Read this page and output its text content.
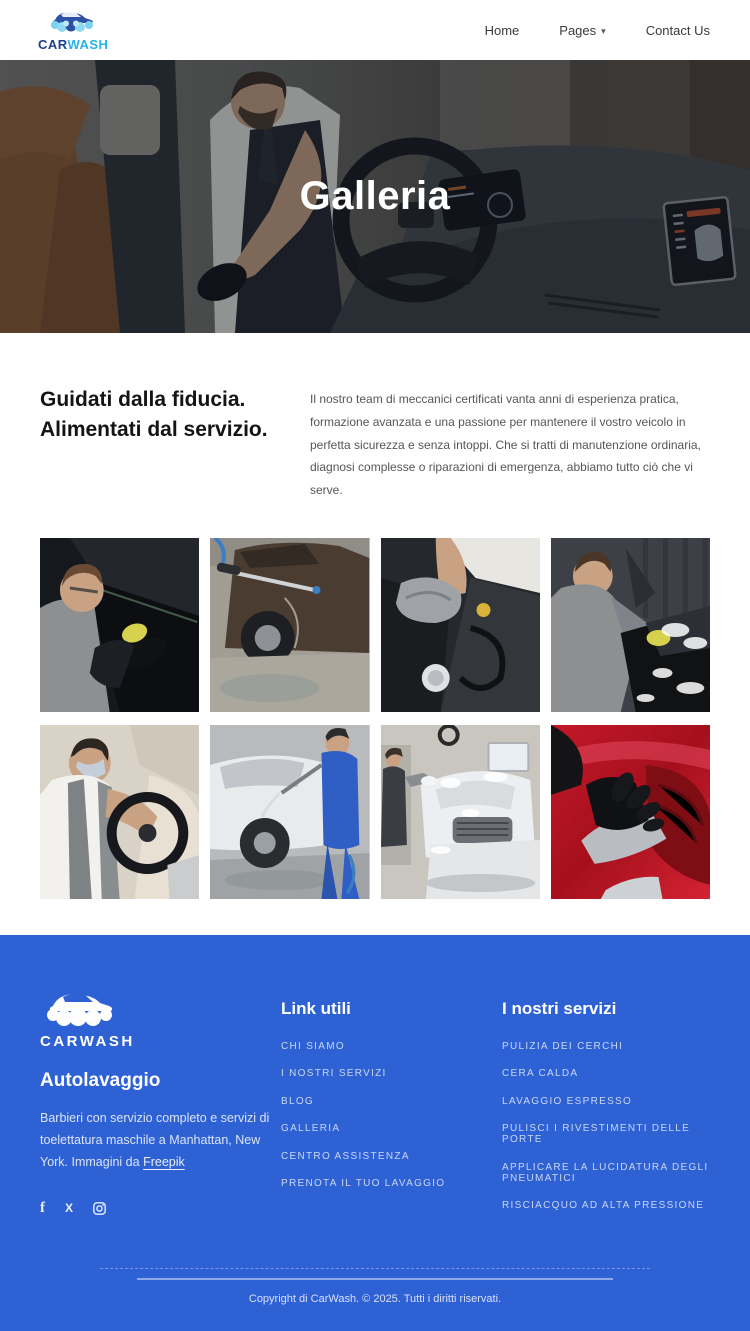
CARWASH
Home	Pages ▾	Contact Us
Galleria
Guidati dalla fiducia. Alimentati dal servizio.

Il nostro team di meccanici certificati vanta anni di esperienza pratica, formazione avanzata e una passione per mantenere il vostro veicolo in perfetta sicurezza e senza intoppi. Che si tratti di manutenzione ordinaria, diagnosi complesse o riparazioni di emergenza, abbiamo tutto ciò che vi serve.

CARWASH
Autolavaggio

Barbieri con servizio completo e servizi di toelettatura maschile a Manhattan, New York. Immagini da Freepik

f X
Link utili
CHI SIAMO
I NOSTRI SERVIZI
BLOG
GALLERIA
CENTRO ASSISTENZA
PRENOTA IL TUO LAVAGGIO
I nostri servizi
PULIZIA DEI CERCHI
CERA CALDA
LAVAGGIO ESPRESSO
PULISCI I RIVESTIMENTI DELLE PORTE
APPLICARE LA LUCIDATURA DEGLI PNEUMATICI
RISCIACQUO AD ALTA PRESSIONE
Copyright di CarWash. © 2025. Tutti i diritti riservati.
